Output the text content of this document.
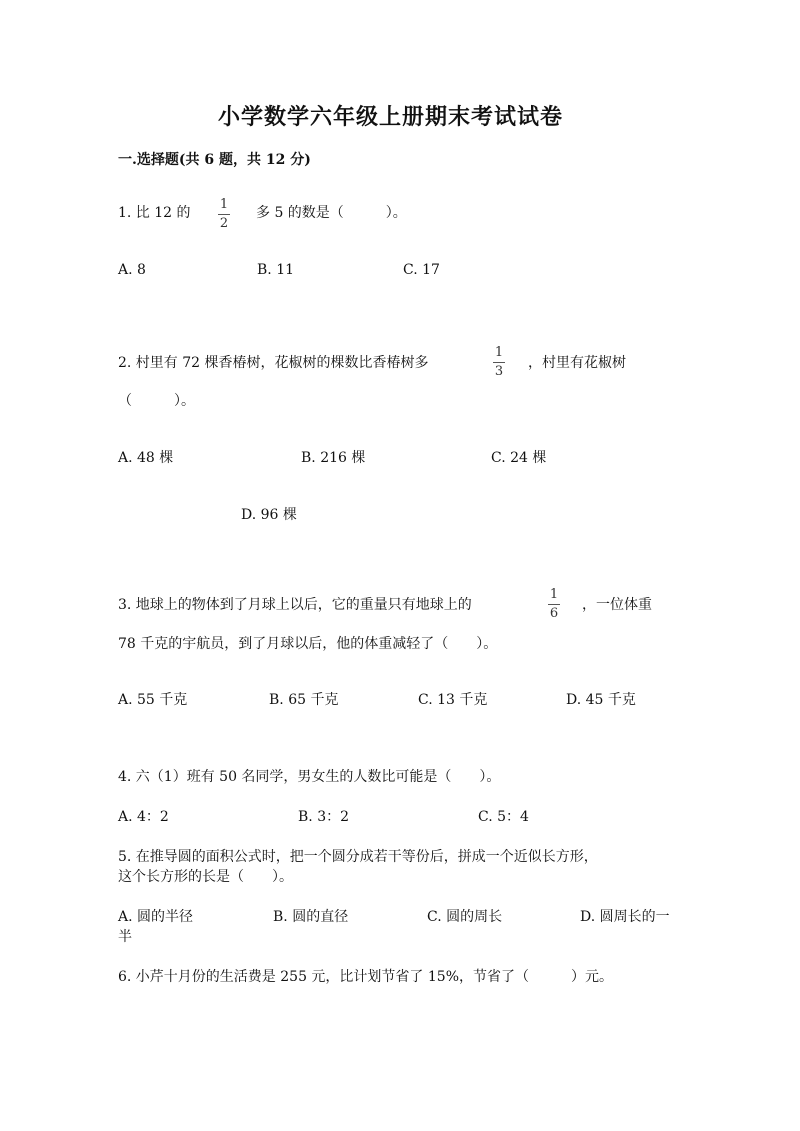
小学数学六年级上册期末考试试卷
一.选择题(共 6 题，共 12 分)
1. 比 12 的
1
2
多 5 的数是（　　　）。
A. 8	B. 11	C. 17
2. 村里有 72 棵香椿树，花椒树的棵数比香椿树多
1
3
，村里有花椒树
（　　　）。
A. 48 棵	B. 216 棵	C. 24 棵
D. 96 棵
3. 地球上的物体到了月球上以后，它的重量只有地球上的
1
6
，一位体重
78 千克的宇航员，到了月球以后，他的体重减轻了（　　）。
A. 55 千克	B. 65 千克	C. 13 千克	D. 45 千克
4. 六（1）班有 50 名同学，男女生的人数比可能是（　　）。
A. 4：2	B. 3：2	C. 5：4
5. 在推导圆的面积公式时，把一个圆分成若干等份后，拼成一个近似长方形，
这个长方形的长是（　　）。
A. 圆的半径	B. 圆的直径	C. 圆的周长	D. 圆周长的一
半
6. 小芹十月份的生活费是 255 元，比计划节省了 15%，节省了（　　　）元。
